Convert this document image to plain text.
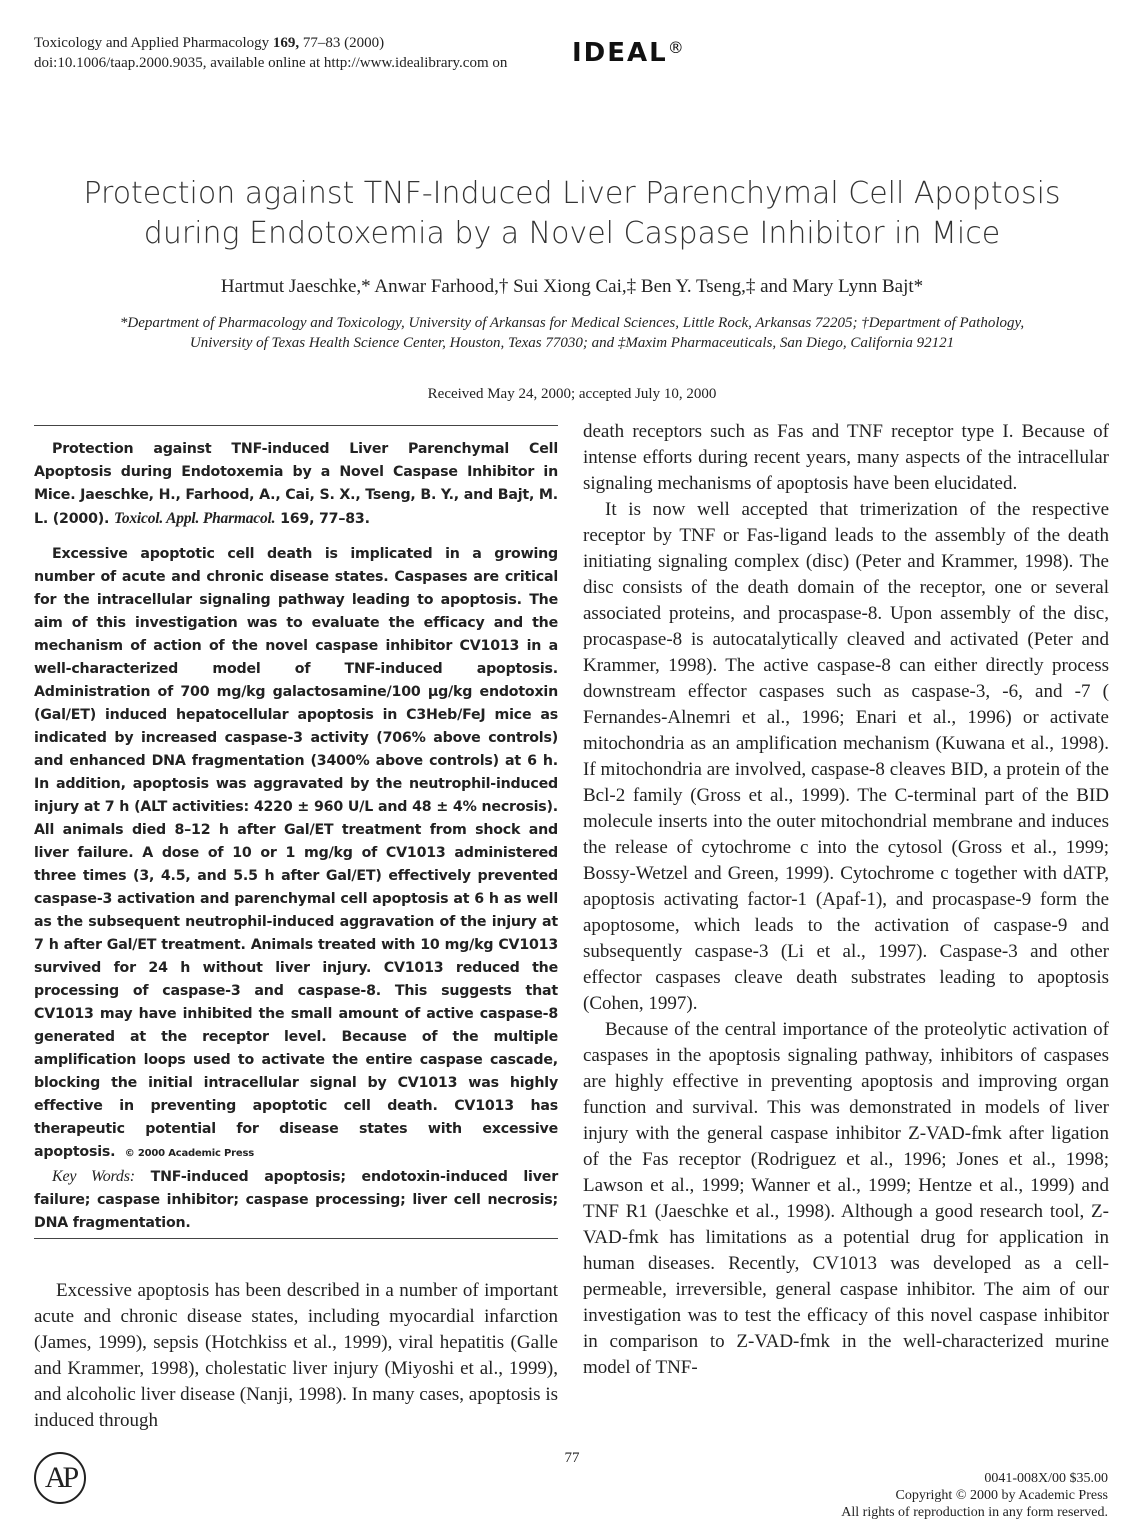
Toxicology and Applied Pharmacology 169, 77–83 (2000)
doi:10.1006/taap.2000.9035, available online at http://www.idealibrary.com on IDEAL®
Protection against TNF-Induced Liver Parenchymal Cell Apoptosis
during Endotoxemia by a Novel Caspase Inhibitor in Mice
Hartmut Jaeschke,* Anwar Farhood,† Sui Xiong Cai,‡ Ben Y. Tseng,‡ and Mary Lynn Bajt*
*Department of Pharmacology and Toxicology, University of Arkansas for Medical Sciences, Little Rock, Arkansas 72205; †Department of Pathology,
University of Texas Health Science Center, Houston, Texas 77030; and ‡Maxim Pharmaceuticals, San Diego, California 92121
Received May 24, 2000; accepted July 10, 2000

Protection against TNF-induced Liver Parenchymal Cell Apoptosis during Endotoxemia by a Novel Caspase Inhibitor in Mice. Jaeschke, H., Farhood, A., Cai, S. X., Tseng, B. Y., and Bajt, M. L. (2000). Toxicol. Appl. Pharmacol. 169, 77–83.

Excessive apoptotic cell death is implicated in a growing number of acute and chronic disease states. Caspases are critical for the intracellular signaling pathway leading to apoptosis. The aim of this investigation was to evaluate the efficacy and the mechanism of action of the novel caspase inhibitor CV1013 in a well-characterized model of TNF-induced apoptosis. Administration of 700 mg/kg galactosamine/100 μg/kg endotoxin (Gal/ET) induced hepatocellular apoptosis in C3Heb/FeJ mice as indicated by increased caspase-3 activity (706% above controls) and enhanced DNA fragmentation (3400% above controls) at 6 h. In addition, apoptosis was aggravated by the neutrophil-induced injury at 7 h (ALT activities: 4220 ± 960 U/L and 48 ± 4% necrosis). All animals died 8–12 h after Gal/ET treatment from shock and liver failure. A dose of 10 or 1 mg/kg of CV1013 administered three times (3, 4.5, and 5.5 h after Gal/ET) effectively prevented caspase-3 activation and parenchymal cell apoptosis at 6 h as well as the subsequent neutrophil-induced aggravation of the injury at 7 h after Gal/ET treatment. Animals treated with 10 mg/kg CV1013 survived for 24 h without liver injury. CV1013 reduced the processing of caspase-3 and caspase-8. This suggests that CV1013 may have inhibited the small amount of active caspase-8 generated at the receptor level. Because of the multiple amplification loops used to activate the entire caspase cascade, blocking the initial intracellular signal by CV1013 was highly effective in preventing apoptotic cell death. CV1013 has therapeutic potential for disease states with excessive apoptosis. © 2000 Academic Press

Key Words: TNF-induced apoptosis; endotoxin-induced liver failure; caspase inhibitor; caspase processing; liver cell necrosis; DNA fragmentation.

Excessive apoptosis has been described in a number of important acute and chronic disease states, including myocardial infarction (James, 1999), sepsis (Hotchkiss et al., 1999), viral hepatitis (Galle and Krammer, 1998), cholestatic liver injury (Miyoshi et al., 1999), and alcoholic liver disease (Nanji, 1998). In many cases, apoptosis is induced through

death receptors such as Fas and TNF receptor type I. Because of intense efforts during recent years, many aspects of the intracellular signaling mechanisms of apoptosis have been elucidated.

It is now well accepted that trimerization of the respective receptor by TNF or Fas-ligand leads to the assembly of the death initiating signaling complex (disc) (Peter and Krammer, 1998). The disc consists of the death domain of the receptor, one or several associated proteins, and procaspase-8. Upon assembly of the disc, procaspase-8 is autocatalytically cleaved and activated (Peter and Krammer, 1998). The active caspase-8 can either directly process downstream effector caspases such as caspase-3, -6, and -7 ( Fernandes-Alnemri et al., 1996; Enari et al., 1996) or activate mitochondria as an amplification mechanism (Kuwana et al., 1998). If mitochondria are involved, caspase-8 cleaves BID, a protein of the Bcl-2 family (Gross et al., 1999). The C-terminal part of the BID molecule inserts into the outer mitochondrial membrane and induces the release of cytochrome c into the cytosol (Gross et al., 1999; Bossy-Wetzel and Green, 1999). Cytochrome c together with dATP, apoptosis activating factor-1 (Apaf-1), and procaspase-9 form the apoptosome, which leads to the activation of caspase-9 and subsequently caspase-3 (Li et al., 1997). Caspase-3 and other effector caspases cleave death substrates leading to apoptosis (Cohen, 1997).

Because of the central importance of the proteolytic activation of caspases in the apoptosis signaling pathway, inhibitors of caspases are highly effective in preventing apoptosis and improving organ function and survival. This was demonstrated in models of liver injury with the general caspase inhibitor Z-VAD-fmk after ligation of the Fas receptor (Rodriguez et al., 1996; Jones et al., 1998; Lawson et al., 1999; Wanner et al., 1999; Hentze et al., 1999) and TNF R1 (Jaeschke et al., 1998). Although a good research tool, Z-VAD-fmk has limitations as a potential drug for application in human diseases. Recently, CV1013 was developed as a cell-permeable, irreversible, general caspase inhibitor. The aim of our investigation was to test the efficacy of this novel caspase inhibitor in comparison to Z-VAD-fmk in the well-characterized murine model of TNF-

77
AP	0041-008X/00 $35.00
Copyright © 2000 by Academic Press
All rights of reproduction in any form reserved.
